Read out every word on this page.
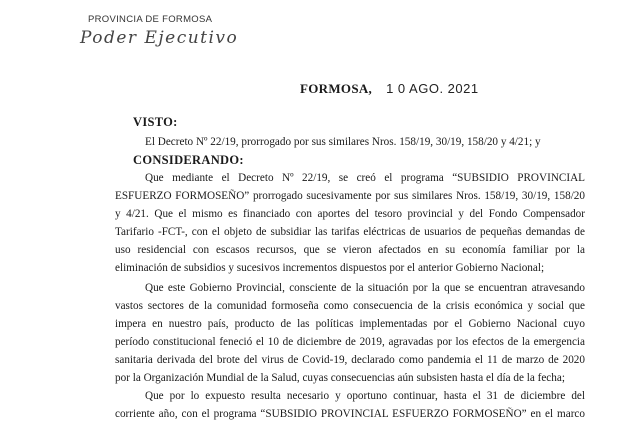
PROVINCIA DE FORMOSA
Poder Ejecutivo
FORMOSA, 1 0 AGO. 2021
VISTO:
El Decreto Nº 22/19, prorrogado por sus similares Nros. 158/19, 30/19, 158/20 y 4/21; y
CONSIDERANDO:
Que mediante el Decreto Nº 22/19, se creó el programa “SUBSIDIO PROVINCIAL
ESFUERZO FORMOSEÑO” prorrogado sucesivamente por sus similares Nros. 158/19, 30/19, 158/20
y 4/21. Que el mismo es financiado con aportes del tesoro provincial y del Fondo Compensador
Tarifario -FCT-, con el objeto de subsidiar las tarifas eléctricas de usuarios de pequeñas demandas de
uso residencial con escasos recursos, que se vieron afectados en su economía familiar por la
eliminación de subsidios y sucesivos incrementos dispuestos por el anterior Gobierno Nacional;
Que este Gobierno Provincial, consciente de la situación por la que se encuentran atravesando
vastos sectores de la comunidad formoseña como consecuencia de la crisis económica y social que
impera en nuestro país, producto de las políticas implementadas por el Gobierno Nacional cuyo
período constitucional feneció el 10 de diciembre de 2019, agravadas por los efectos de la emergencia
sanitaria derivada del brote del virus de Covid-19, declarado como pandemia el 11 de marzo de 2020
por la Organización Mundial de la Salud, cuyas consecuencias aún subsisten hasta el día de la fecha;
Que por lo expuesto resulta necesario y oportuno continuar, hasta el 31 de diciembre del
corriente año, con el programa “SUBSIDIO PROVINCIAL ESFUERZO FORMOSEÑO” en el marco
